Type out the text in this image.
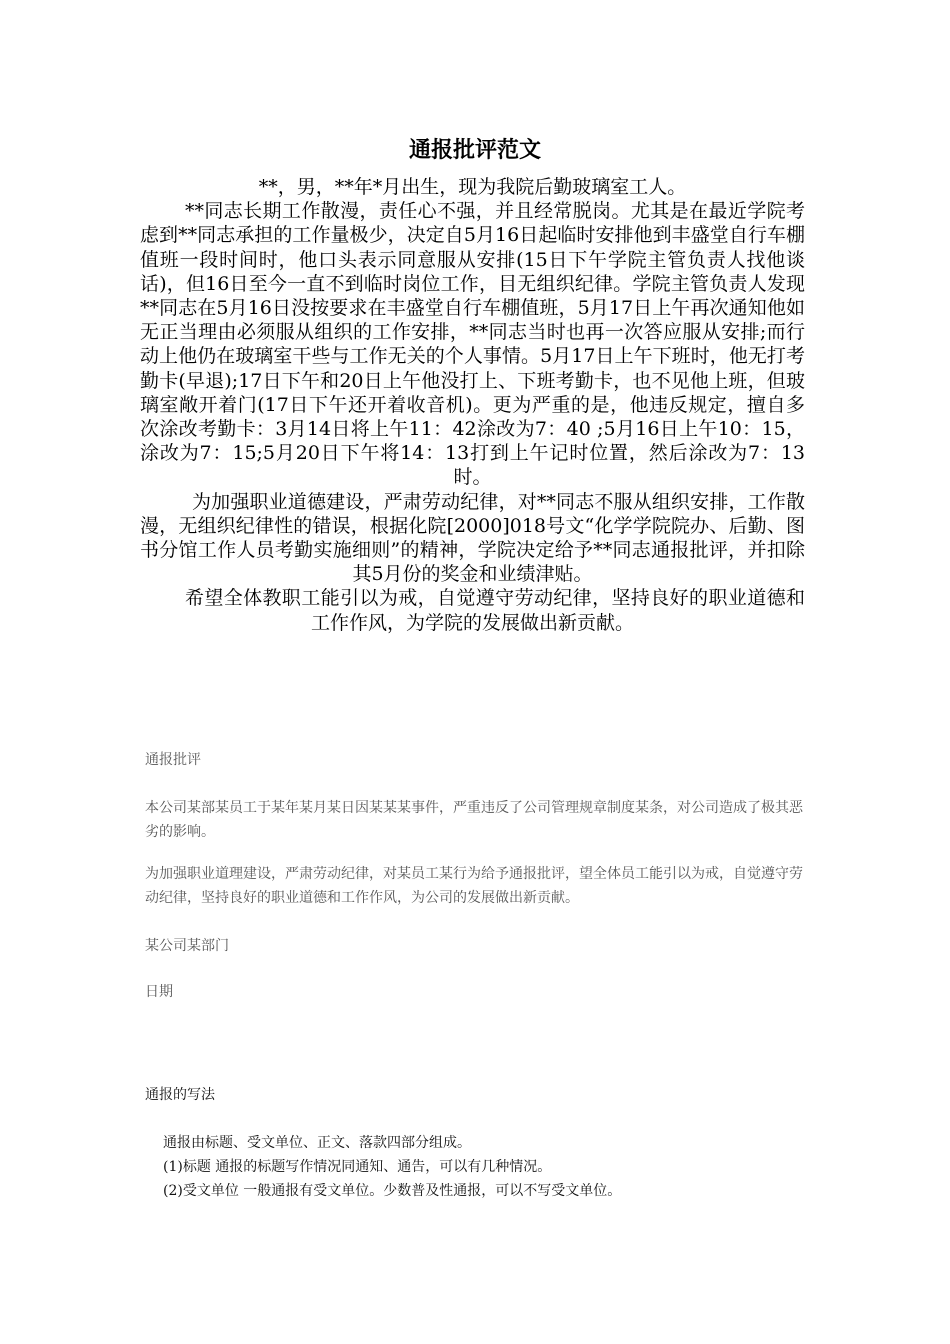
通报批评范文

**，男，**年*月出生，现为我院后勤玻璃室工人。

**同志长期工作散漫，责任心不强，并且经常脱岗。尤其是在最近学院考虑到**同志承担的工作量极少，决定自5月16日起临时安排他到丰盛堂自行车棚值班一段时间时，他口头表示同意服从安排(15日下午学院主管负责人找他谈话)，但16日至今一直不到临时岗位工作，目无组织纪律。学院主管负责人发现**同志在5月16日没按要求在丰盛堂自行车棚值班，5月17日上午再次通知他如无正当理由必须服从组织的工作安排，**同志当时也再一次答应服从安排;而行动上他仍在玻璃室干些与工作无关的个人事情。5月17日上午下班时，他无打考勤卡(早退);17日下午和20日上午他没打上、下班考勤卡，也不见他上班，但玻璃室敞开着门(17日下午还开着收音机)。更为严重的是，他违反规定，擅自多次涂改考勤卡：3月14日将上午11：42涂改为7：40 ;5月16日上午10：15，涂改为7：15;5月20日下午将14：13打到上午记时位置，然后涂改为7：13时。

为加强职业道德建设，严肃劳动纪律，对**同志不服从组织安排，工作散漫，无组织纪律性的错误，根据化院[2000]018号文“化学学院院办、后勤、图书分馆工作人员考勤实施细则”的精神，学院决定给予**同志通报批评，并扣除其5月份的奖金和业绩津贴。

希望全体教职工能引以为戒，自觉遵守劳动纪律，坚持良好的职业道德和工作作风，为学院的发展做出新贡献。

通报批评

本公司某部某员工于某年某月某日因某某某事件，严重违反了公司管理规章制度某条，对公司造成了极其恶劣的影响。

为加强职业道理建设，严肃劳动纪律，对某员工某行为给予通报批评，望全体员工能引以为戒，自觉遵守劳动纪律，坚持良好的职业道德和工作作风，为公司的发展做出新贡献。

某公司某部门

日期

通报的写法

通报由标题、受文单位、正文、落款四部分组成。

(1)标题 通报的标题写作情况同通知、通告，可以有几种情况。

(2)受文单位 一般通报有受文单位。少数普及性通报，可以不写受文单位。
